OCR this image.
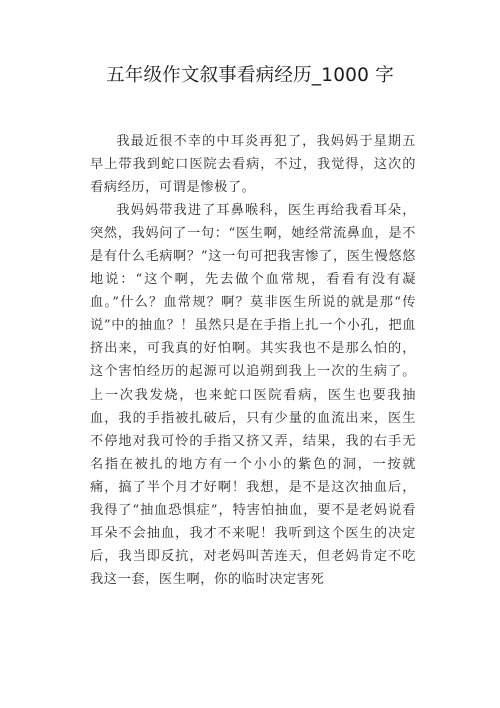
五年级作文叙事看病经历_1000 字

我最近很不幸的中耳炎再犯了，我妈妈于星期五早上带我到蛇口医院去看病，不过，我觉得，这次的看病经历，可谓是惨极了。

我妈妈带我进了耳鼻喉科，医生再给我看耳朵，突然，我妈问了一句：“医生啊，她经常流鼻血，是不是有什么毛病啊？”这一句可把我害惨了，医生慢悠悠地说：“这个啊，先去做个血常规，看看有没有凝血。”什么？血常规？啊？莫非医生所说的就是那“传说”中的抽血？！虽然只是在手指上扎一个小孔，把血挤出来，可我真的好怕啊。其实我也不是那么怕的，这个害怕经历的起源可以追朔到我上一次的生病了。上一次我发烧，也来蛇口医院看病，医生也要我抽血，我的手指被扎破后，只有少量的血流出来，医生不停地对我可怜的手指又挤又弄，结果，我的右手无名指在被扎的地方有一个小小的紫色的洞，一按就痛，搞了半个月才好啊！我想，是不是这次抽血后，我得了“抽血恐惧症”，特害怕抽血，要不是老妈说看耳朵不会抽血，我才不来呢！我听到这个医生的决定后，我当即反抗，对老妈叫苦连天，但老妈肯定不吃我这一套，医生啊，你的临时决定害死
